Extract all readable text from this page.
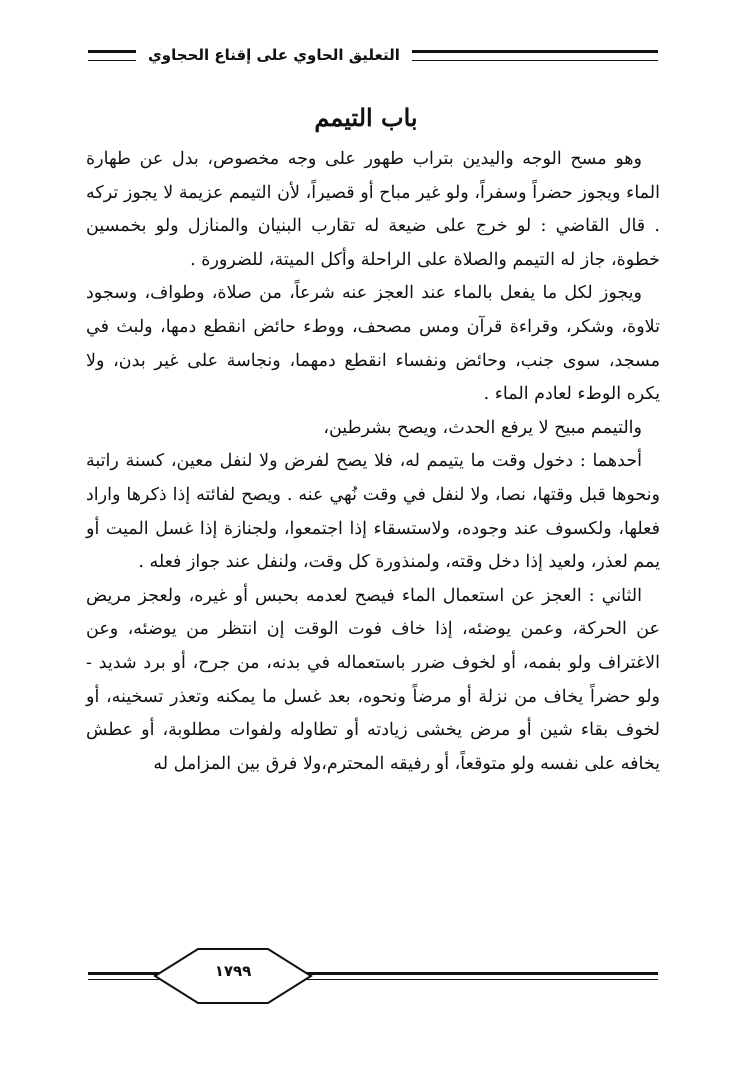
التعليق الحاوي على إقناع الحجاوي
باب التيمم

وهو مسح الوجه واليدين بتراب طهور على وجه مخصوص، بدل عن طهارة الماء ويجوز حضراً وسفراً، ولو غير مباح أو قصيراً، لأن التيمم عزيمة لا يجوز تركه . قال القاضي : لو خرج على ضيعة له تقارب البنيان والمنازل ولو بخمسين خطوة، جاز له التيمم والصلاة على الراحلة وأكل الميتة، للضرورة .

ويجوز لكل ما يفعل بالماء عند العجز عنه شرعاً، من صلاة، وطواف، وسجود تلاوة، وشكر، وقراءة قرآن ومس مصحف، ووطء حائض انقطع دمها، ولبث في مسجد، سوى جنب، وحائض ونفساء انقطع دمهما، ونجاسة على غير بدن، ولا يكره الوطء لعادم الماء .

والتيمم مبيح لا يرفع الحدث، ويصح بشرطين،

أحدهما : دخول وقت ما يتيمم له، فلا يصح لفرض ولا لنفل معين، كسنة راتبة ونحوها قبل وقتها، نصا، ولا لنفل في وقت نُهي عنه . ويصح لفائته إذا ذكرها واراد فعلها، ولكسوف عند وجوده، ولاستسقاء إذا اجتمعوا، ولجنازة إذا غسل الميت أو يمم لعذر، ولعيد إذا دخل وقته، ولمنذورة كل وقت، ولنفل عند جواز فعله .

الثاني : العجز عن استعمال الماء فيصح لعدمه بحبس أو غيره، ولعجز مريض عن الحركة، وعمن يوضئه، إذا خاف فوت الوقت إن انتظر من يوضئه، وعن الاغتراف ولو بفمه، أو لخوف ضرر باستعماله في بدنه، من جرح، أو برد شديد - ولو حضراً يخاف من نزلة أو مرضاً ونحوه، بعد غسل ما يمكنه وتعذر تسخينه، أو لخوف بقاء شين أو مرض يخشى زيادته أو تطاوله ولفوات مطلوبة، أو عطش يخافه على نفسه ولو متوقعاً، أو رفيقه المحترم،ولا فرق بين المزامل له

١٧٩٩
